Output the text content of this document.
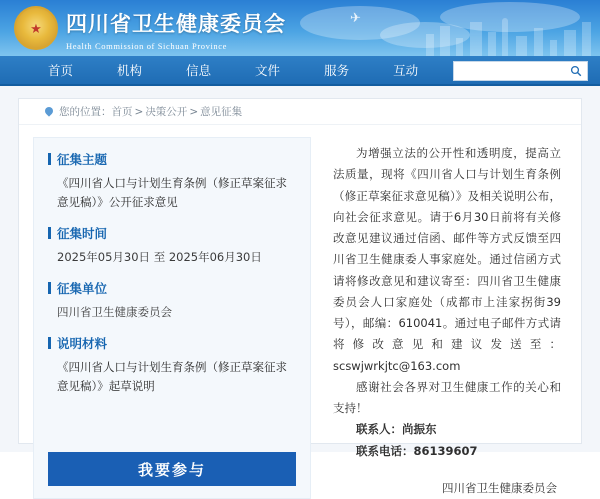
✈
★ 四川省卫生健康委员会
Health Commission of Sichuan Province
首页	机构	信息	文件	服务	互动
您的位置： 首页 > 决策公开 > 意见征集
征集主题
《四川省人口与计划生育条例（修正草案征求意见稿）》公开征求意见
征集时间
2025年05月30日 至 2025年06月30日
征集单位
四川省卫生健康委员会
说明材料
《四川省人口与计划生育条例（修正草案征求意见稿）》起草说明
我要参与

为增强立法的公开性和透明度，提高立法质量，现将《四川省人口与计划生育条例（修正草案征求意见稿）》及相关说明公布，向社会征求意见。请于6月30日前将有关修改意见建议通过信函、邮件等方式反馈至四川省卫生健康委人事家庭处。通过信函方式请将修改意见和建议寄至：四川省卫生健康委员会人口家庭处（成都市上洼家拐街39号），邮编：610041。通过电子邮件方式请将修改意见和建议发送至：scswjwrkjtc@163.com

感谢社会各界对卫生健康工作的关心和支持！

联系人：尚振东

联系电话：86139607

四川省卫生健康委员会
